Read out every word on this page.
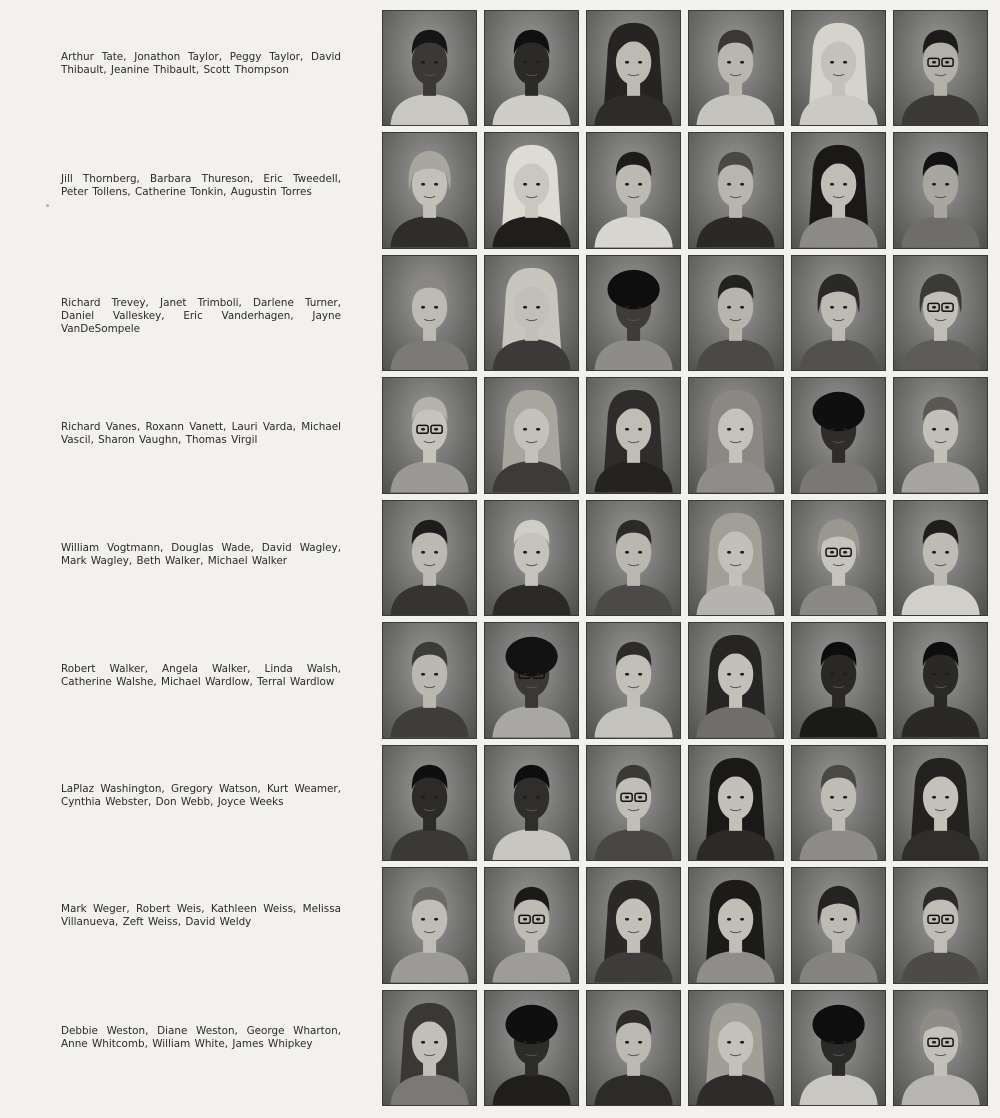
Arthur Tate, Jonathon Taylor, Peggy Taylor, David Thibault, Jeanine Thibault, Scott Thompson
Jill Thornberg, Barbara Thureson, Eric Tweedell, Peter Tollens, Catherine Tonkin, Augustin Torres
Richard Trevey, Janet Trimboli, Darlene Turner, Daniel Valleskey, Eric Vanderhagen, Jayne VanDeSompele
Richard Vanes, Roxann Vanett, Lauri Varda, Michael Vascil, Sharon Vaughn, Thomas Virgil
William Vogtmann, Douglas Wade, David Wagley, Mark Wagley, Beth Walker, Michael Walker
Robert Walker, Angela Walker, Linda Walsh, Catherine Walshe, Michael Wardlow, Terral Wardlow
LaPlaz Washington, Gregory Watson, Kurt Weamer, Cynthia Webster, Don Webb, Joyce Weeks
Mark Weger, Robert Weis, Kathleen Weiss, Melissa Villanueva, Zeft Weiss, David Weldy
Debbie Weston, Diane Weston, George Wharton, Anne Whitcomb, William White, James Whipkey
